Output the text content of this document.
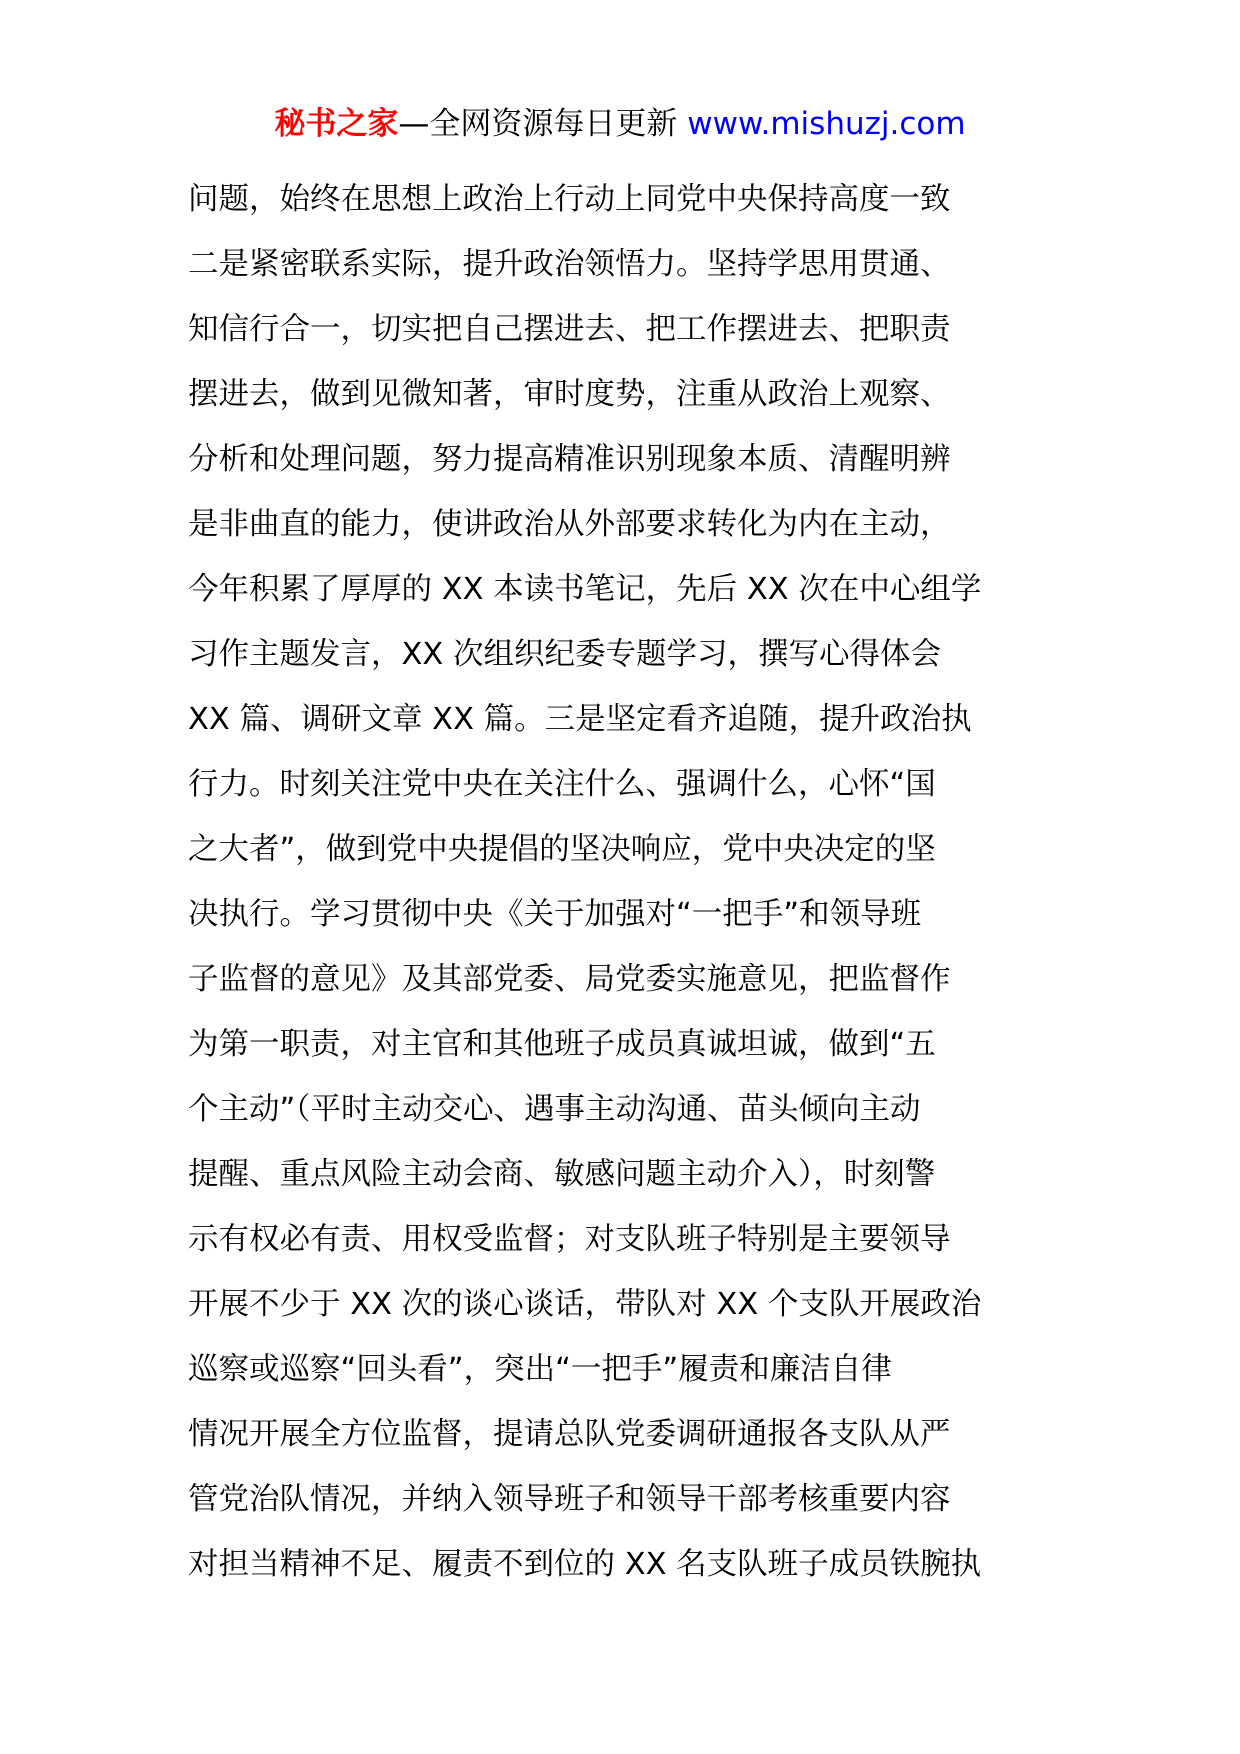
秘书之家—全网资源每日更新 www.mishuzj.com
问题，始终在思想上政治上行动上同党中央保持高度一致
二是紧密联系实际，提升政治领悟力。坚持学思用贯通、
知信行合一，切实把自己摆进去、把工作摆进去、把职责
摆进去，做到见微知著，审时度势，注重从政治上观察、
分析和处理问题，努力提高精准识别现象本质、清醒明辨
是非曲直的能力，使讲政治从外部要求转化为内在主动，
今年积累了厚厚的 XX 本读书笔记，先后 XX 次在中心组学
习作主题发言，XX 次组织纪委专题学习，撰写心得体会
XX 篇、调研文章 XX 篇。三是坚定看齐追随，提升政治执
行力。时刻关注党中央在关注什么、强调什么，心怀“国
之大者”，做到党中央提倡的坚决响应，党中央决定的坚
决执行。学习贯彻中央《关于加强对“一把手”和领导班
子监督的意见》及其部党委、局党委实施意见，把监督作
为第一职责，对主官和其他班子成员真诚坦诚，做到“五
个主动”（平时主动交心、遇事主动沟通、苗头倾向主动
提醒、重点风险主动会商、敏感问题主动介入），时刻警
示有权必有责、用权受监督；对支队班子特别是主要领导
开展不少于 XX 次的谈心谈话，带队对 XX 个支队开展政治
巡察或巡察“回头看”，突出“一把手”履责和廉洁自律
情况开展全方位监督，提请总队党委调研通报各支队从严
管党治队情况，并纳入领导班子和领导干部考核重要内容
对担当精神不足、履责不到位的 XX 名支队班子成员铁腕执
